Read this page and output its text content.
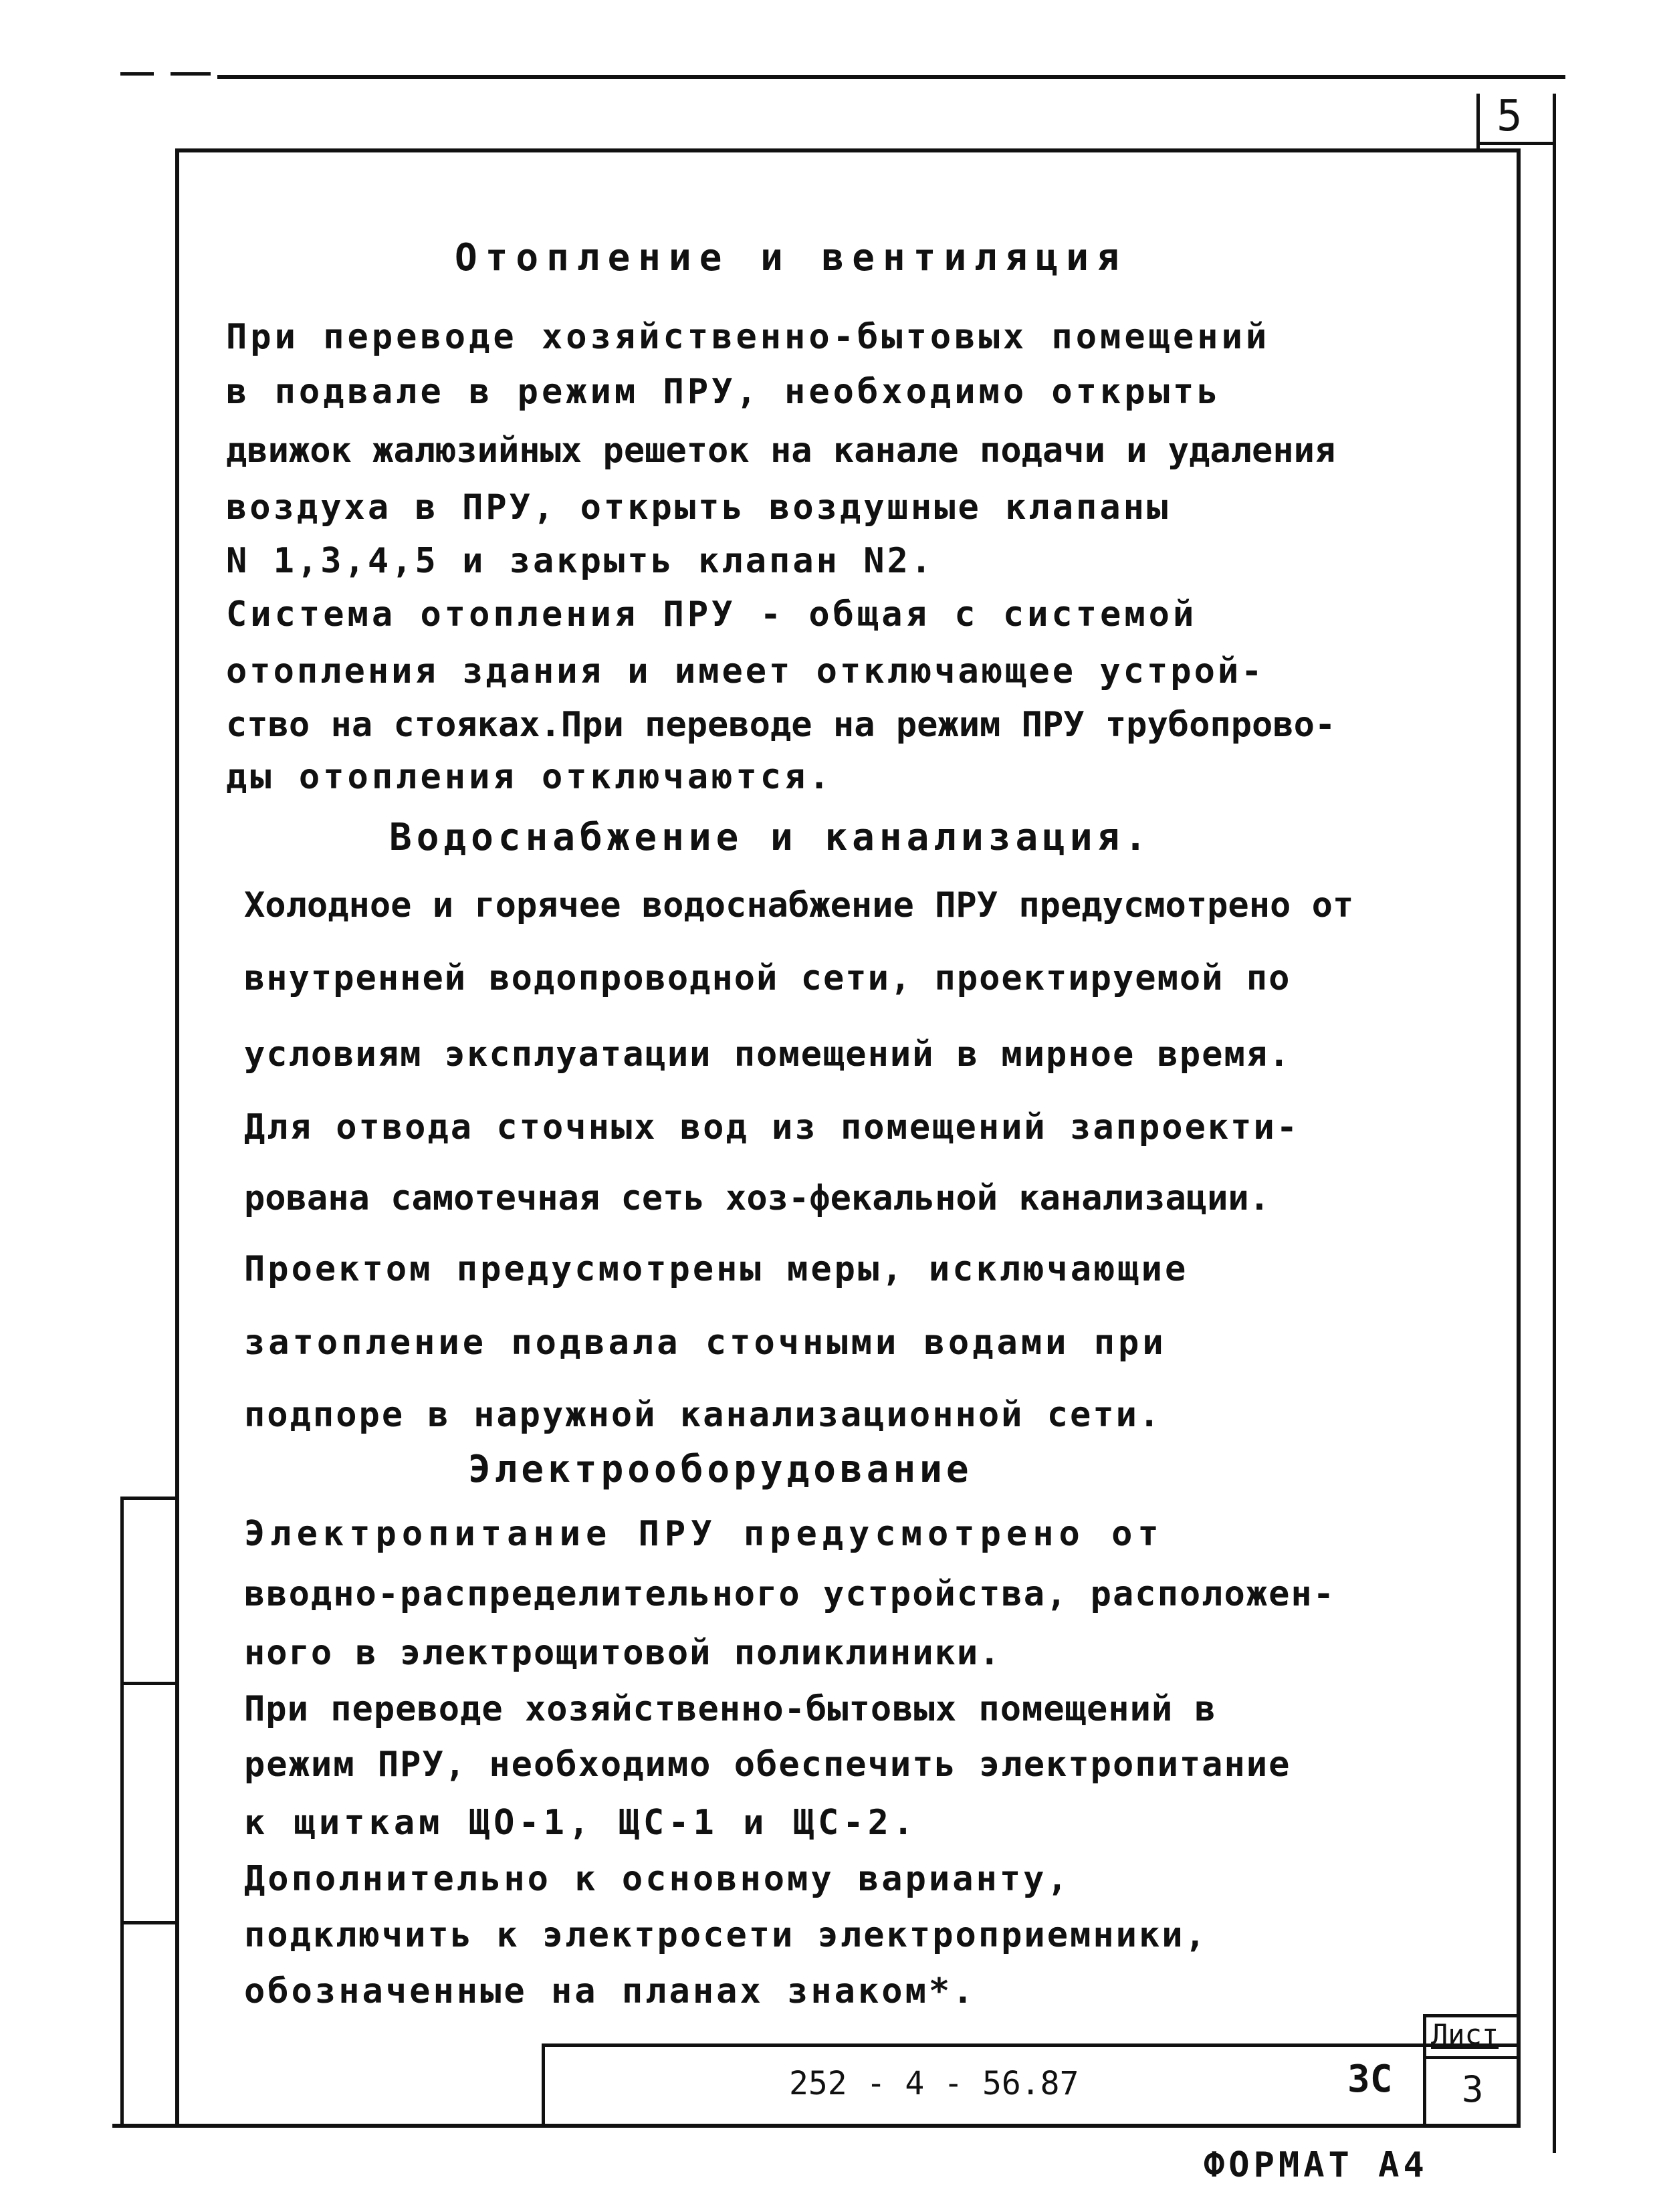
5
252 - 4 - 56.87	3С
Лист
3
ФОРМАТ А4
Отопление и вентиляция
При переводе хозяйственно-бытовых помещений
в подвале в режим ПРУ, необходимо открыть
движок жалюзийных решеток на канале подачи и удаления
воздуха в ПРУ, открыть воздушные клапаны
N 1,3,4,5 и закрыть клапан N2.
Система отопления ПРУ - общая с системой
отопления здания и имеет отключающее устрой-
ство на стояках.При переводе на режим ПРУ трубопрово-
ды отопления отключаются.
Водоснабжение и канализация.
Холодное и горячее водоснабжение ПРУ предусмотрено от
внутренней водопроводной сети, проектируемой по
условиям эксплуатации помещений в мирное время.
Для отвода сточных вод из помещений запроекти-
рована самотечная сеть хоз-фекальной канализации.
Проектом предусмотрены меры, исключающие
затопление подвала сточными водами при
подпоре в наружной канализационной сети.
Электрооборудование
Электропитание ПРУ предусмотрено от
вводно-распределительного устройства, расположен-
ного в электрощитовой поликлиники.
При переводе хозяйственно-бытовых помещений в
режим ПРУ, необходимо обеспечить электропитание
к щиткам ЩО-1, ЩС-1 и ЩС-2.
Дополнительно к основному варианту,
подключить к электросети электроприемники,
обозначенные на планах знаком*.
